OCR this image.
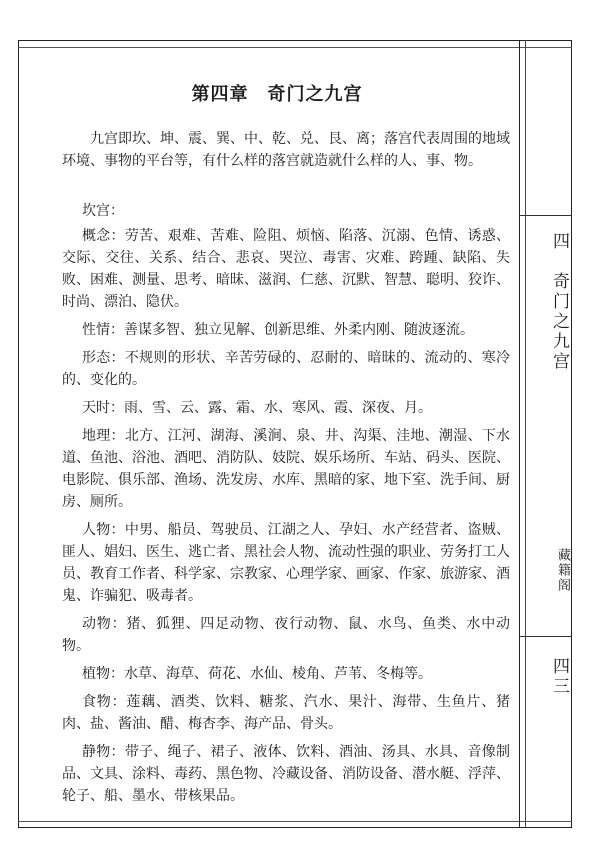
第四章　奇门之九宫

九宫即坎、坤、震、巽、中、乾、兑、艮、离；落宫代表周围的地域环境、事物的平台等，有什么样的落宫就造就什么样的人、事、物。

坎宫：

概念：劳苦、艰难、苦难、险阻、烦恼、陷落、沉溺、色情、诱惑、交际、交往、关系、结合、悲哀、哭泣、毒害、灾难、跨踵、缺陷、失败、困难、测量、思考、暗昧、滋润、仁慈、沉默、智慧、聪明、狡诈、时尚、漂泊、隐伏。

性情：善谋多智、独立见解、创新思维、外柔内刚、随波逐流。

形态：不规则的形状、辛苦劳碌的、忍耐的、暗昧的、流动的、寒冷的、变化的。

天时：雨、雪、云、露、霜、水、寒风、霞、深夜、月。

地理：北方、江河、湖海、溪涧、泉、井、沟渠、洼地、潮湿、下水道、鱼池、浴池、酒吧、消防队、妓院、娱乐场所、车站、码头、医院、电影院、俱乐部、渔场、洗发房、水库、黑暗的家、地下室、洗手间、厨房、厕所。

人物：中男、船员、驾驶员、江湖之人、孕妇、水产经营者、盗贼、匪人、娼妇、医生、逃亡者、黑社会人物、流动性强的职业、劳务打工人员、教育工作者、科学家、宗教家、心理学家、画家、作家、旅游家、酒鬼、诈骗犯、吸毒者。

动物：猪、狐狸、四足动物、夜行动物、鼠、水鸟、鱼类、水中动物。

植物：水草、海草、荷花、水仙、棱角、芦苇、冬梅等。

食物：莲藕、酒类、饮料、糖浆、汽水、果汁、海带、生鱼片、猪肉、盐、酱油、醋、梅杏李、海产品、骨头。

静物：带子、绳子、裙子、液体、饮料、酒油、汤具、水具、音像制品、文具、涂料、毒药、黑色物、冷藏设备、消防设备、潜水艇、浮萍、轮子、船、墨水、带核果品。

四　奇门之九宫
藏籍阁
四三
